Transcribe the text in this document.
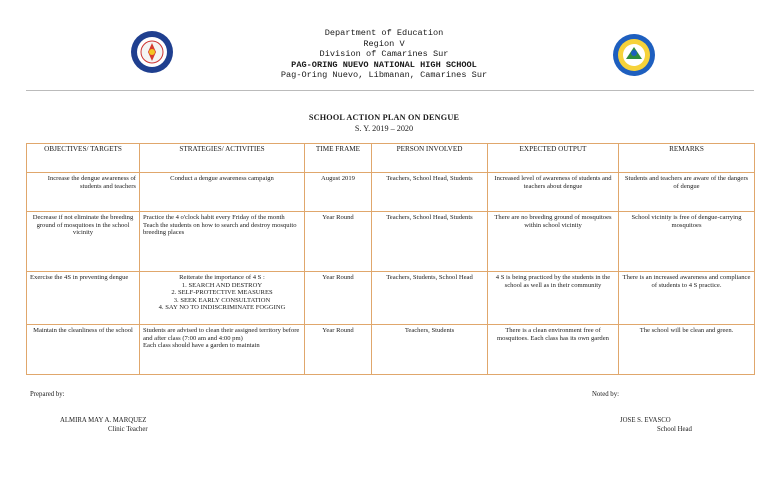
Department of Education
Region V
Division of Camarines Sur
PAG-ORING NUEVO NATIONAL HIGH SCHOOL
Pag-Oring Nuevo, Libmanan, Camarines Sur
SCHOOL ACTION PLAN ON DENGUE
S. Y. 2019 – 2020
OBJECTIVES/ TARGETS	STRATEGIES/ ACTIVITIES	TIME FRAME	PERSON INVOLVED	EXPECTED OUTPUT	REMARKS
Increase the dengue awareness of students and teachers	Conduct a dengue awareness campaign	August 2019	Teachers, School Head, Students	Increased level of awareness of students and teachers about dengue	Students and teachers are aware of the dangers of dengue
Decrease if not eliminate the breeding ground of mosquitoes in the school vicinity	Practice the 4 o'clock habit every Friday of the month
Teach the students on how to search and destroy mosquito breeding places	Year Round	Teachers, School Head, Students	There are no breeding ground of mosquitoes within school vicinity	School vicinity is free of dengue-carrying mosquitoes
Exercise the 4S in preventing dengue	Reiterate the importance of 4 S :
1. SEARCH AND DESTROY
2. SELF-PROTECTIVE MEASURES
3. SEEK EARLY CONSULTATION
4. SAY NO TO INDISCRIMINATE FOGGING	Year Round	Teachers, Students, School Head	4 S is being practiced by the students in the school as well as in their community	There is an increased awareness and compliance of students to 4 S practice.
Maintain the cleanliness of the school	Students are advised to clean their assigned territory before and after class (7:00 am and 4:00 pm)
Each class should have a garden to maintain	Year Round	Teachers, Students	There is a clean environment free of mosquitoes. Each class has its own garden	The school will be clean and green.
Prepared by:
ALMIRA MAY A. MARQUEZ
Clinic Teacher
Noted by:
JOSE S. EVASCO
School Head
